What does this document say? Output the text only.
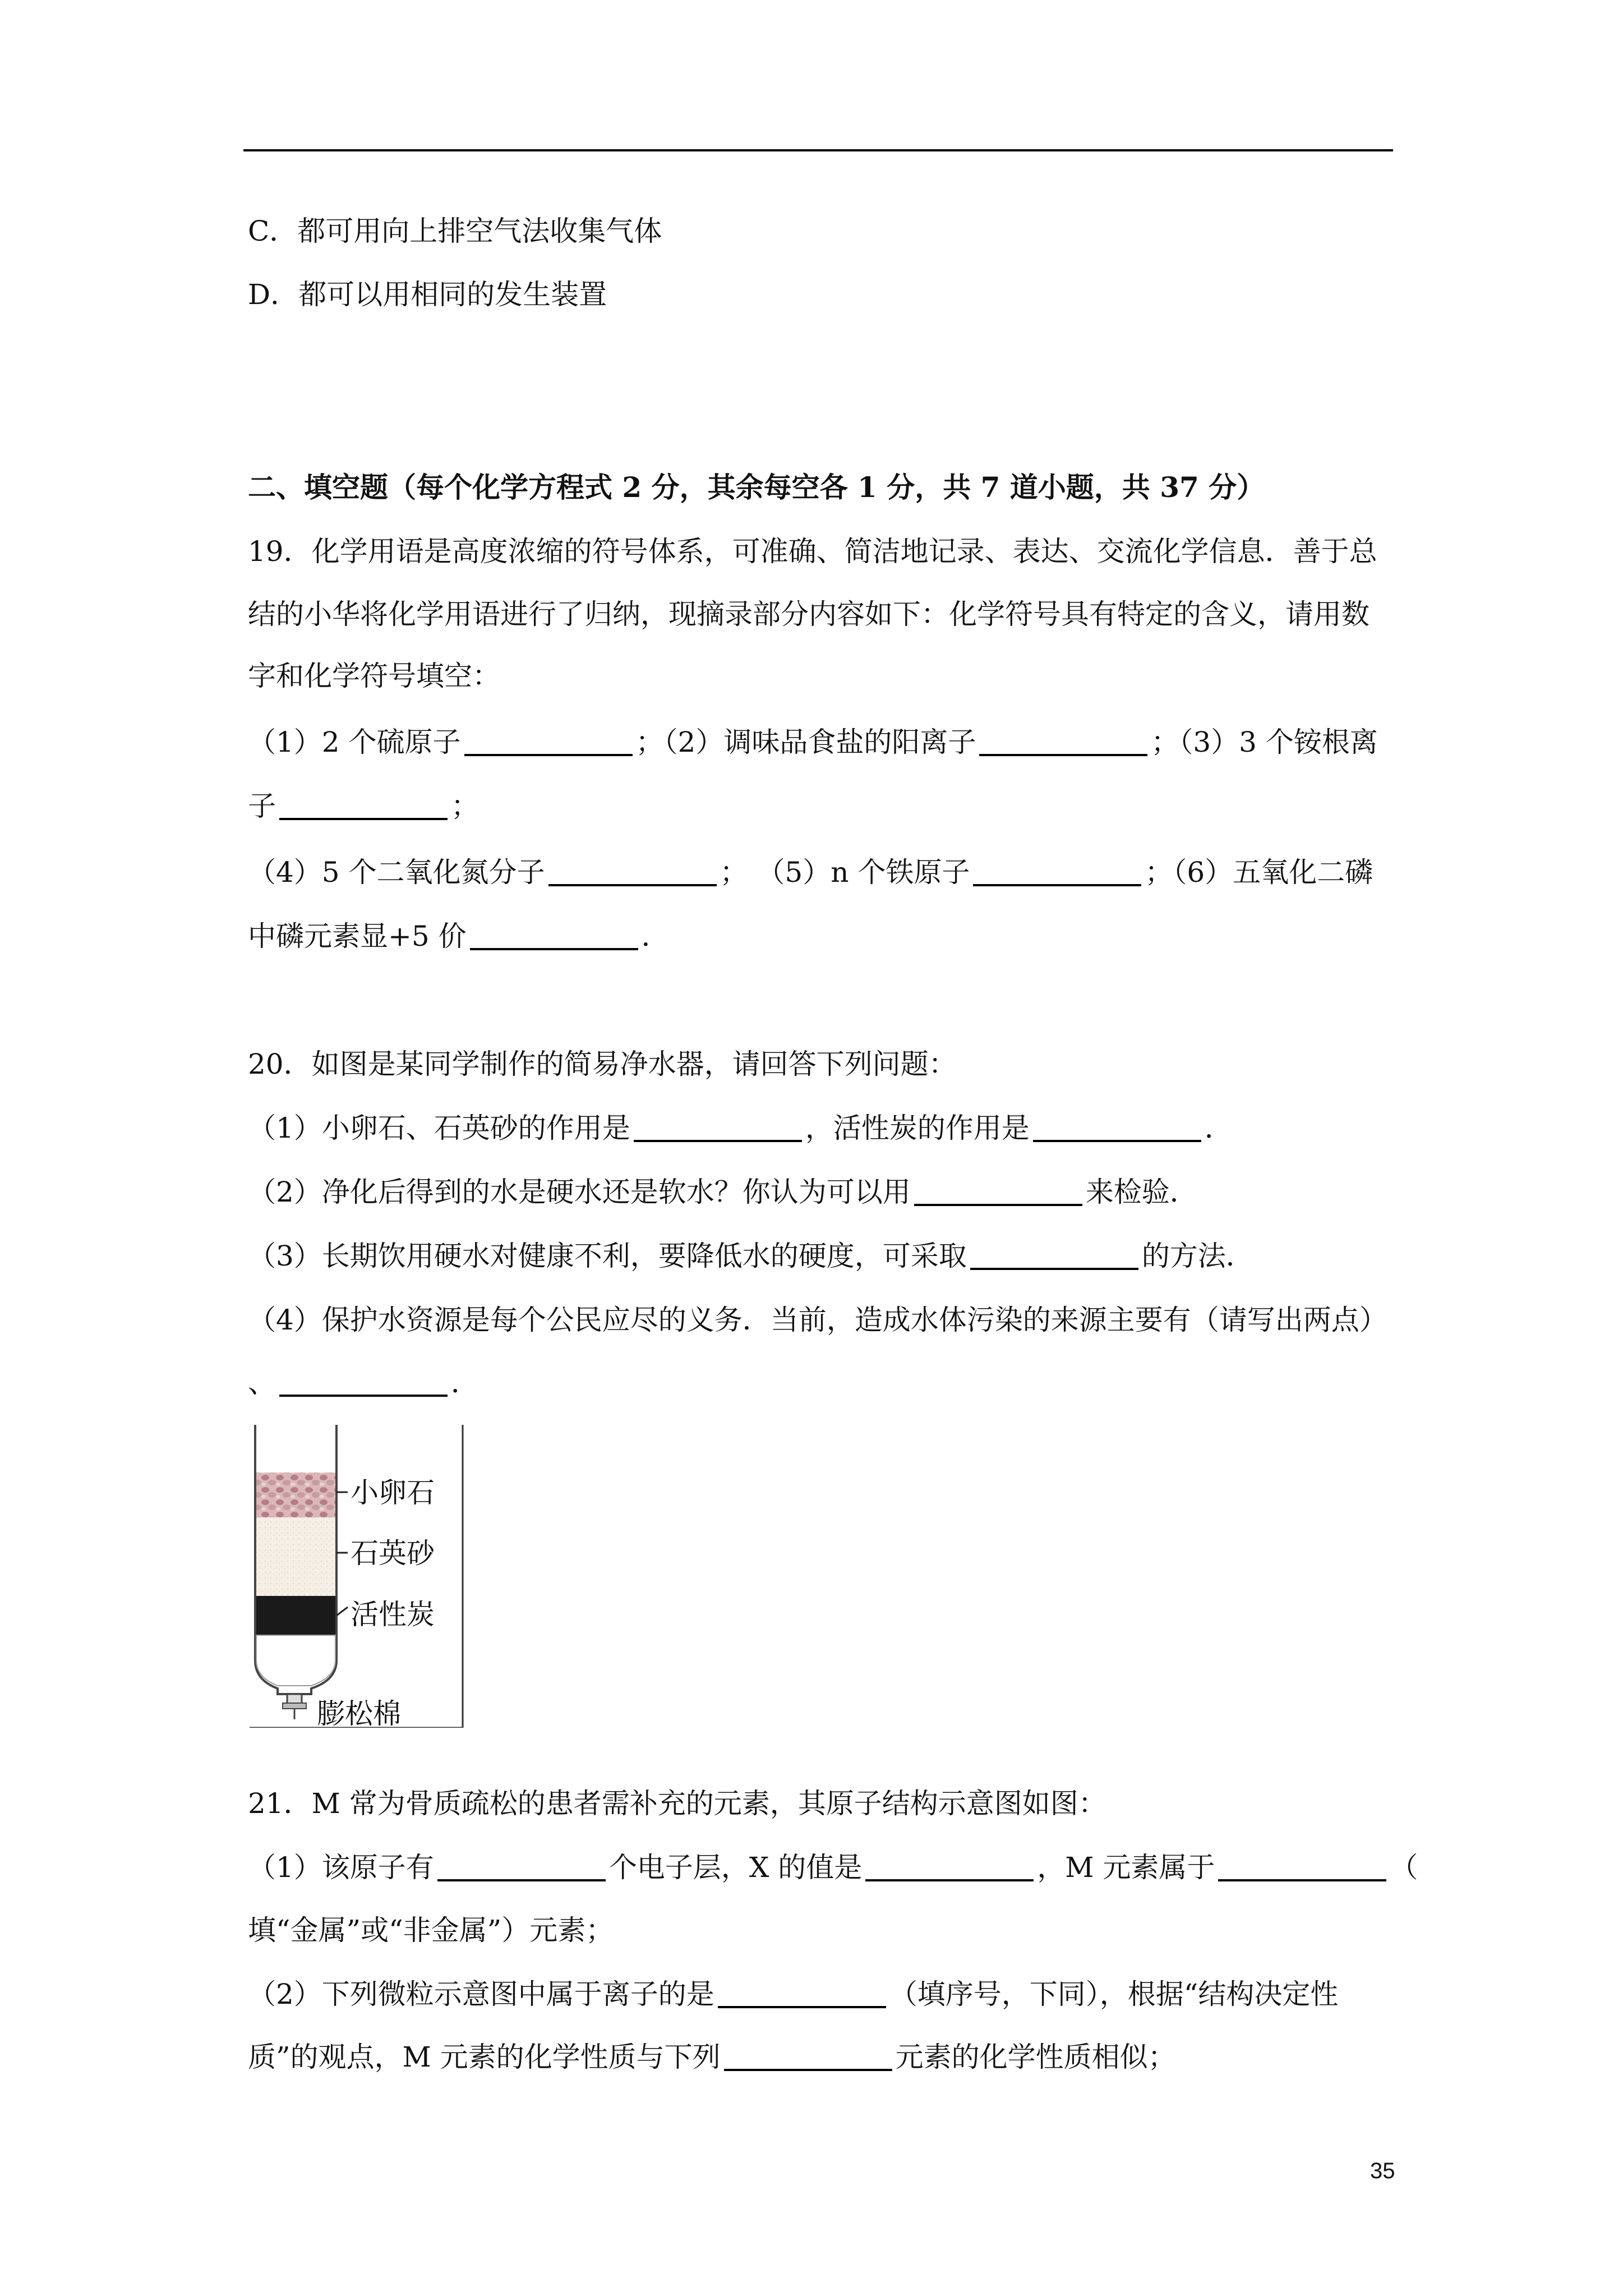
C．都可用向上排空气法收集气体
D．都可以用相同的发生装置
二、填空题（每个化学方程式 2 分，其余每空各 1 分，共 7 道小题，共 37 分）
19．化学用语是高度浓缩的符号体系，可准确、简洁地记录、表达、交流化学信息．善于总
结的小华将化学用语进行了归纳，现摘录部分内容如下：化学符号具有特定的含义，请用数
字和化学符号填空：
（1）2 个硫原子	；（2）调味品食盐的阳离子	；（3）3 个铵根离
子	；
（4）5 个二氧化氮分子	； （5）n 个铁原子	；（6）五氧化二磷
中磷元素显+5 价	．
20．如图是某同学制作的简易净水器，请回答下列问题：
（1）小卵石、石英砂的作用是	，活性炭的作用是	．
（2）净化后得到的水是硬水还是软水？你认为可以用	来检验．
（3）长期饮用硬水对健康不利，要降低水的硬度，可采取	的方法．
（4）保护水资源是每个公民应尽的义务．当前，造成水体污染的来源主要有（请写出两点）
、	．
小卵石
石英砂
活性炭
膨松棉
21．M 常为骨质疏松的患者需补充的元素，其原子结构示意图如图：
（1）该原子有	个电子层，X 的值是	，M 元素属于	（
填“金属”或“非金属”）元素；
（2）下列微粒示意图中属于离子的是	（填序号，下同），根据“结构决定性
质”的观点，M 元素的化学性质与下列	元素的化学性质相似；
35
